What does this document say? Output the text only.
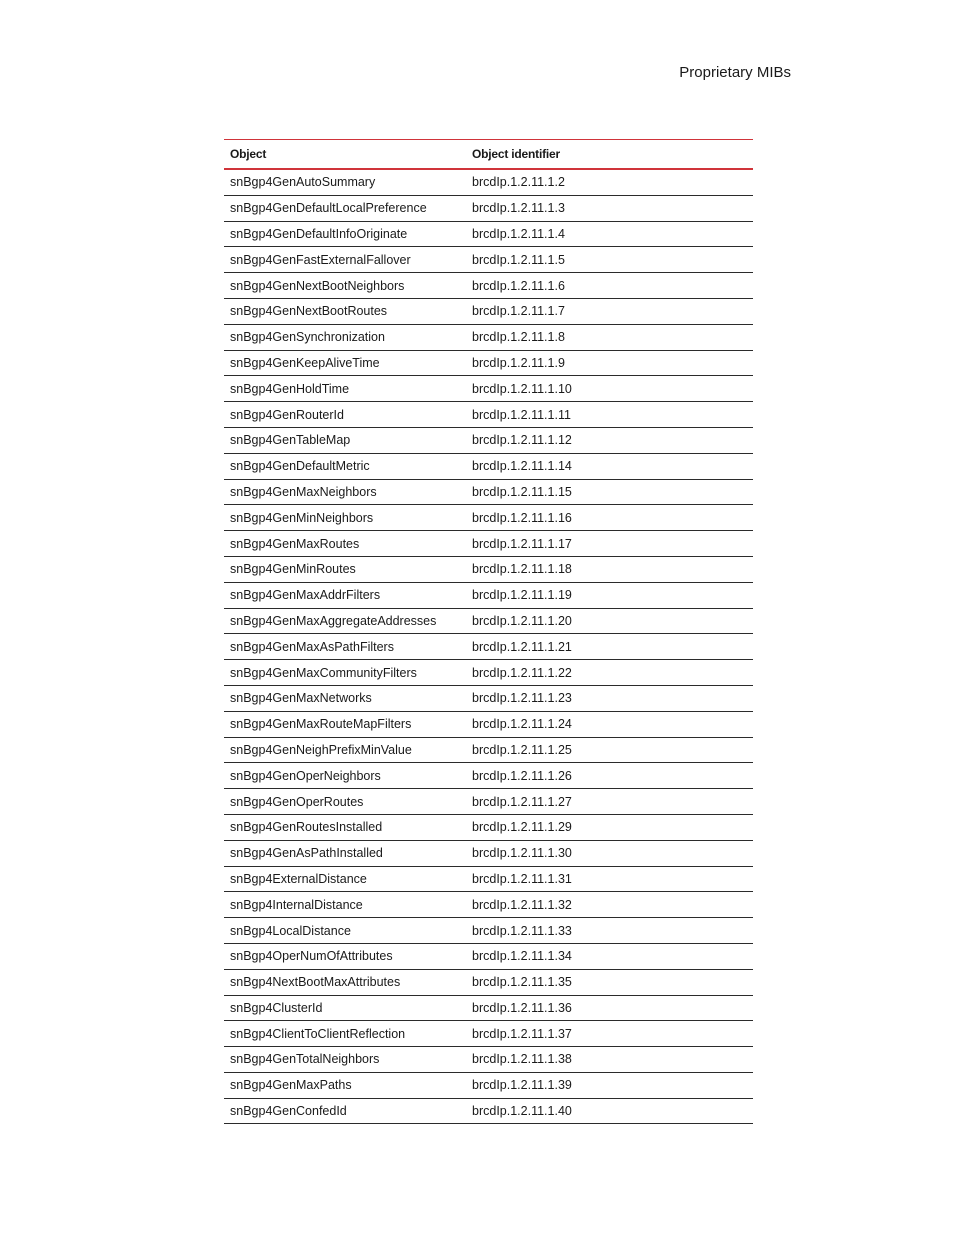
Proprietary MIBs
Object	Object identifier
snBgp4GenAutoSummary	brcdIp.1.2.11.1.2
snBgp4GenDefaultLocalPreference	brcdIp.1.2.11.1.3
snBgp4GenDefaultInfoOriginate	brcdIp.1.2.11.1.4
snBgp4GenFastExternalFallover	brcdIp.1.2.11.1.5
snBgp4GenNextBootNeighbors	brcdIp.1.2.11.1.6
snBgp4GenNextBootRoutes	brcdIp.1.2.11.1.7
snBgp4GenSynchronization	brcdIp.1.2.11.1.8
snBgp4GenKeepAliveTime	brcdIp.1.2.11.1.9
snBgp4GenHoldTime	brcdIp.1.2.11.1.10
snBgp4GenRouterId	brcdIp.1.2.11.1.11
snBgp4GenTableMap	brcdIp.1.2.11.1.12
snBgp4GenDefaultMetric	brcdIp.1.2.11.1.14
snBgp4GenMaxNeighbors	brcdIp.1.2.11.1.15
snBgp4GenMinNeighbors	brcdIp.1.2.11.1.16
snBgp4GenMaxRoutes	brcdIp.1.2.11.1.17
snBgp4GenMinRoutes	brcdIp.1.2.11.1.18
snBgp4GenMaxAddrFilters	brcdIp.1.2.11.1.19
snBgp4GenMaxAggregateAddresses	brcdIp.1.2.11.1.20
snBgp4GenMaxAsPathFilters	brcdIp.1.2.11.1.21
snBgp4GenMaxCommunityFilters	brcdIp.1.2.11.1.22
snBgp4GenMaxNetworks	brcdIp.1.2.11.1.23
snBgp4GenMaxRouteMapFilters	brcdIp.1.2.11.1.24
snBgp4GenNeighPrefixMinValue	brcdIp.1.2.11.1.25
snBgp4GenOperNeighbors	brcdIp.1.2.11.1.26
snBgp4GenOperRoutes	brcdIp.1.2.11.1.27
snBgp4GenRoutesInstalled	brcdIp.1.2.11.1.29
snBgp4GenAsPathInstalled	brcdIp.1.2.11.1.30
snBgp4ExternalDistance	brcdIp.1.2.11.1.31
snBgp4InternalDistance	brcdIp.1.2.11.1.32
snBgp4LocalDistance	brcdIp.1.2.11.1.33
snBgp4OperNumOfAttributes	brcdIp.1.2.11.1.34
snBgp4NextBootMaxAttributes	brcdIp.1.2.11.1.35
snBgp4ClusterId	brcdIp.1.2.11.1.36
snBgp4ClientToClientReflection	brcdIp.1.2.11.1.37
snBgp4GenTotalNeighbors	brcdIp.1.2.11.1.38
snBgp4GenMaxPaths	brcdIp.1.2.11.1.39
snBgp4GenConfedId	brcdIp.1.2.11.1.40
